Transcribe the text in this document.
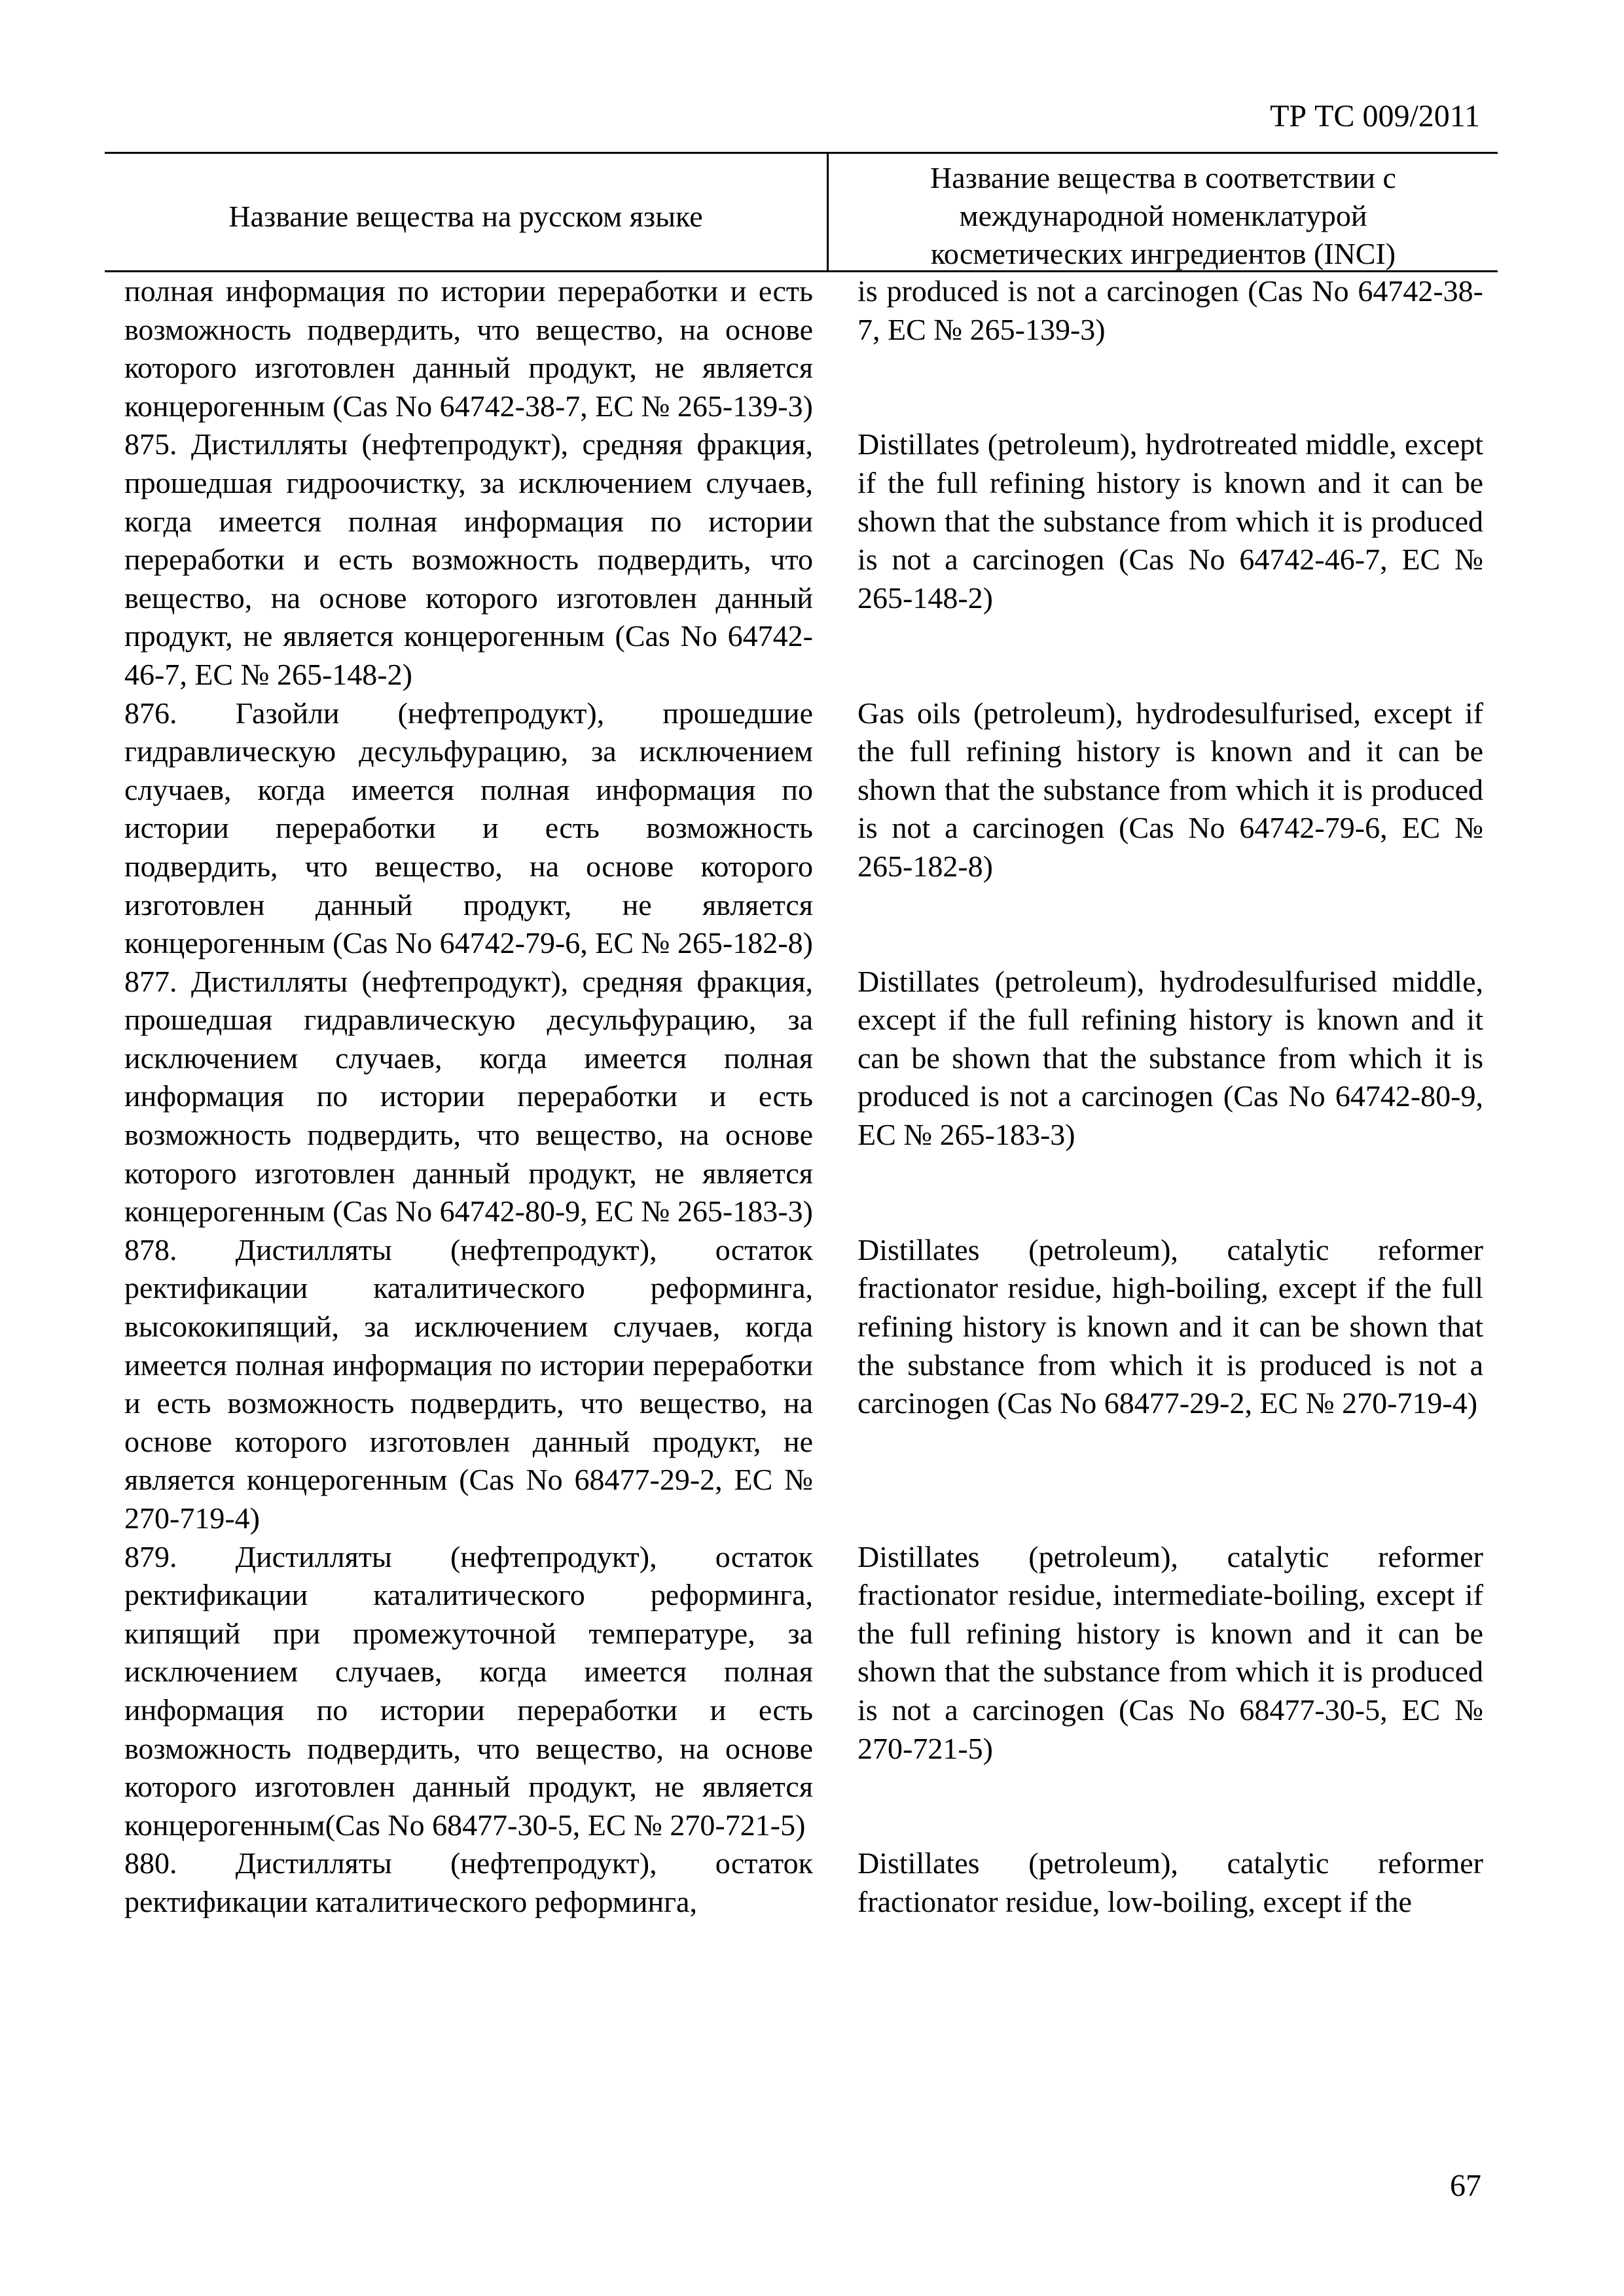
ТР ТС 009/2011
Название вещества на русском языке
Название вещества в соответствии с
международной номенклатурой
косметических ингредиентов (INCI)
полная информация по истории переработки и есть возможность подвердить, что вещество, на основе которого изготовлен данный продукт, не является концерогенным (Cas No 64742-38-7, ЕС № 265-139-3)
is produced is not a carcinogen (Cas No 64742-38-7, EC № 265-139-3)
875. Дистилляты (нефтепродукт), средняя фракция, прошедшая гидроочистку, за исключением случаев, когда имеется полная информация по истории переработки и есть возможность подвердить, что вещество, на основе которого изготовлен данный продукт, не является концерогенным (Cas No 64742-46-7, ЕС № 265-148-2)
Distillates (petroleum), hydrotreated middle, except if the full refining history is known and it can be shown that the substance from which it is produced is not a carcinogen (Cas No 64742-46-7, EC № 265-148-2)
876. Газойли (нефтепродукт), прошедшие гидравлическую десульфурацию, за исключением случаев, когда имеется полная информация по истории переработки и есть возможность подвердить, что вещество, на основе которого изготовлен данный продукт, не является концерогенным (Cas No 64742-79-6, ЕС № 265-182-8)
Gas oils (petroleum), hydrodesulfurised, except if the full refining history is known and it can be shown that the substance from which it is produced is not a carcinogen (Cas No 64742-79-6, EC № 265-182-8)
877. Дистилляты (нефтепродукт), средняя фракция, прошедшая гидравлическую десульфурацию, за исключением случаев, когда имеется полная информация по истории переработки и есть возможность подвердить, что вещество, на основе которого изготовлен данный продукт, не является концерогенным (Cas No 64742-80-9, ЕС № 265-183-3)
Distillates (petroleum), hydrodesulfurised middle, except if the full refining history is known and it can be shown that the substance from which it is produced is not a carcinogen (Cas No 64742-80-9, EC № 265-183-3)
878. Дистилляты (нефтепродукт), остаток ректификации каталитического реформинга, высококипящий, за исключением случаев, когда имеется полная информация по истории переработки и есть возможность подвердить, что вещество, на основе которого изготовлен данный продукт, не является концерогенным (Cas No 68477-29-2, ЕС № 270-719-4)
Distillates (petroleum), catalytic reformer fractionator residue, high-boiling, except if the full refining history is known and it can be shown that the substance from which it is produced is not a carcinogen (Cas No 68477-29-2, EC № 270-719-4)
879. Дистилляты (нефтепродукт), остаток ректификации каталитического реформинга, кипящий при промежуточной температуре, за исключением случаев, когда имеется полная информация по истории переработки и есть возможность подвердить, что вещество, на основе которого изготовлен данный продукт, не является концерогенным(Cas No 68477-30-5, ЕС № 270-721-5)
Distillates (petroleum), catalytic reformer fractionator residue, intermediate-boiling, except if the full refining history is known and it can be shown that the substance from which it is produced is not a carcinogen (Cas No 68477-30-5, EC № 270-721-5)
880. Дистилляты (нефтепродукт), остаток ректификации каталитического реформинга,
Distillates (petroleum), catalytic reformer fractionator residue, low-boiling, except if the
67
